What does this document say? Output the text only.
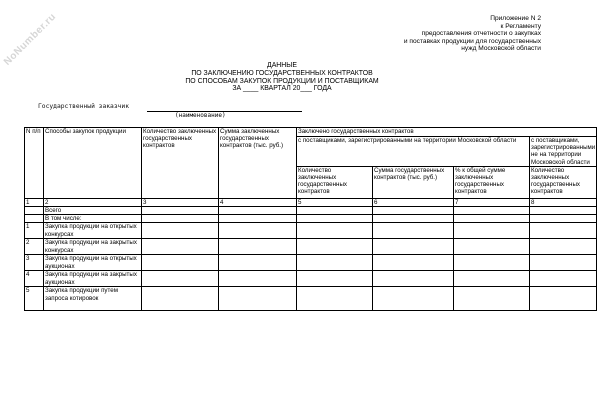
NoNumber.ru	Приложение N 2
к Регламенту
предоставления отчетности о закупках
и поставках продукции для государственных
нужд Московской области
ДАННЫЕ
ПО ЗАКЛЮЧЕНИЮ ГОСУДАРСТВЕННЫХ КОНТРАКТОВ
ПО СПОСОБАМ ЗАКУПОК ПРОДУКЦИИ И ПОСТАВЩИКАМ
ЗА ____ КВАРТАЛ 20___ ГОДА
Государственный заказчик
(наименование)
N п/п	Способы закупок продукции	Количество заключенных государственных контрактов	Сумма заключенных государственных контрактов (тыс. руб.)	Заключено государственных контрактов			
				с поставщиками, зарегистрированными на территории Московской области			с поставщиками, зарегистрированными не на территории Московской области
				Количество заключенных государственных контрактов	Сумма государственных контрактов (тыс. руб.)	% к общей сумме заключенных государственных контрактов	Количество заключенных государственных контрактов
1	2	3	4	5	6	7	8
	Всего						
	В том числе:						
1	Закупка продукции на открытых конкурсах						
2	Закупка продукции на закрытых конкурсах						
3	Закупка продукции на открытых аукционах						
4	Закупка продукции на закрытых аукционах						
5	Закупка продукции путем запроса котировок						
